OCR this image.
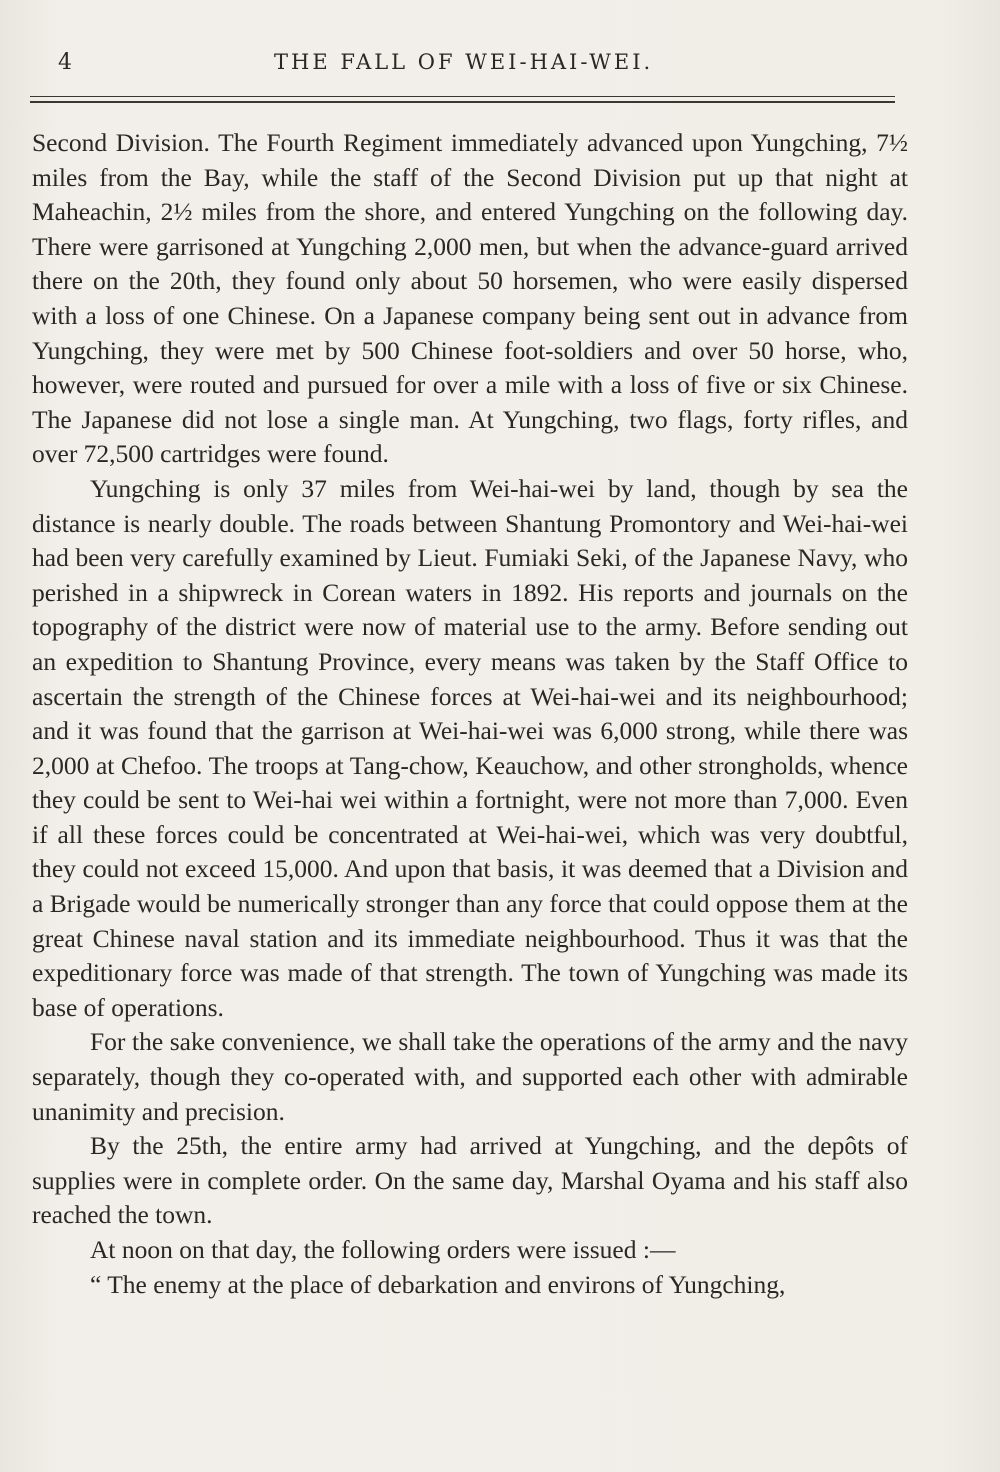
4	THE FALL OF WEI-HAI-WEI.

Second Division. The Fourth Regiment immediately advanced upon Yungching, 7½ miles from the Bay, while the staff of the Second Division put up that night at Maheachin, 2½ miles from the shore, and entered Yungching on the following day. There were garrisoned at Yungching 2,000 men, but when the advance-guard arrived there on the 20th, they found only about 50 horsemen, who were easily dispersed with a loss of one Chinese. On a Japanese company being sent out in advance from Yungching, they were met by 500 Chinese foot-soldiers and over 50 horse, who, however, were routed and pursued for over a mile with a loss of five or six Chinese. The Japanese did not lose a single man. At Yungching, two flags, forty rifles, and over 72,500 cartridges were found.

Yungching is only 37 miles from Wei-hai-wei by land, though by sea the distance is nearly double. The roads between Shantung Promontory and Wei-hai-wei had been very carefully examined by Lieut. Fumiaki Seki, of the Japanese Navy, who perished in a shipwreck in Corean waters in 1892. His reports and journals on the topography of the district were now of material use to the army. Before sending out an expedition to Shantung Province, every means was taken by the Staff Office to ascertain the strength of the Chinese forces at Wei-hai-wei and its neighbourhood; and it was found that the garrison at Wei-hai-wei was 6,000 strong, while there was 2,000 at Chefoo. The troops at Tang-chow, Keauchow, and other strongholds, whence they could be sent to Wei-hai wei within a fortnight, were not more than 7,000. Even if all these forces could be concentrated at Wei-hai-wei, which was very doubtful, they could not exceed 15,000. And upon that basis, it was deemed that a Division and a Brigade would be numerically stronger than any force that could oppose them at the great Chinese naval station and its immediate neighbourhood. Thus it was that the expeditionary force was made of that strength. The town of Yungching was made its base of operations.

For the sake convenience, we shall take the operations of the army and the navy separately, though they co-operated with, and supported each other with admirable unanimity and precision.

By the 25th, the entire army had arrived at Yungching, and the depôts of supplies were in complete order. On the same day, Marshal Oyama and his staff also reached the town.

At noon on that day, the following orders were issued :—

“ The enemy at the place of debarkation and environs of Yungching,
